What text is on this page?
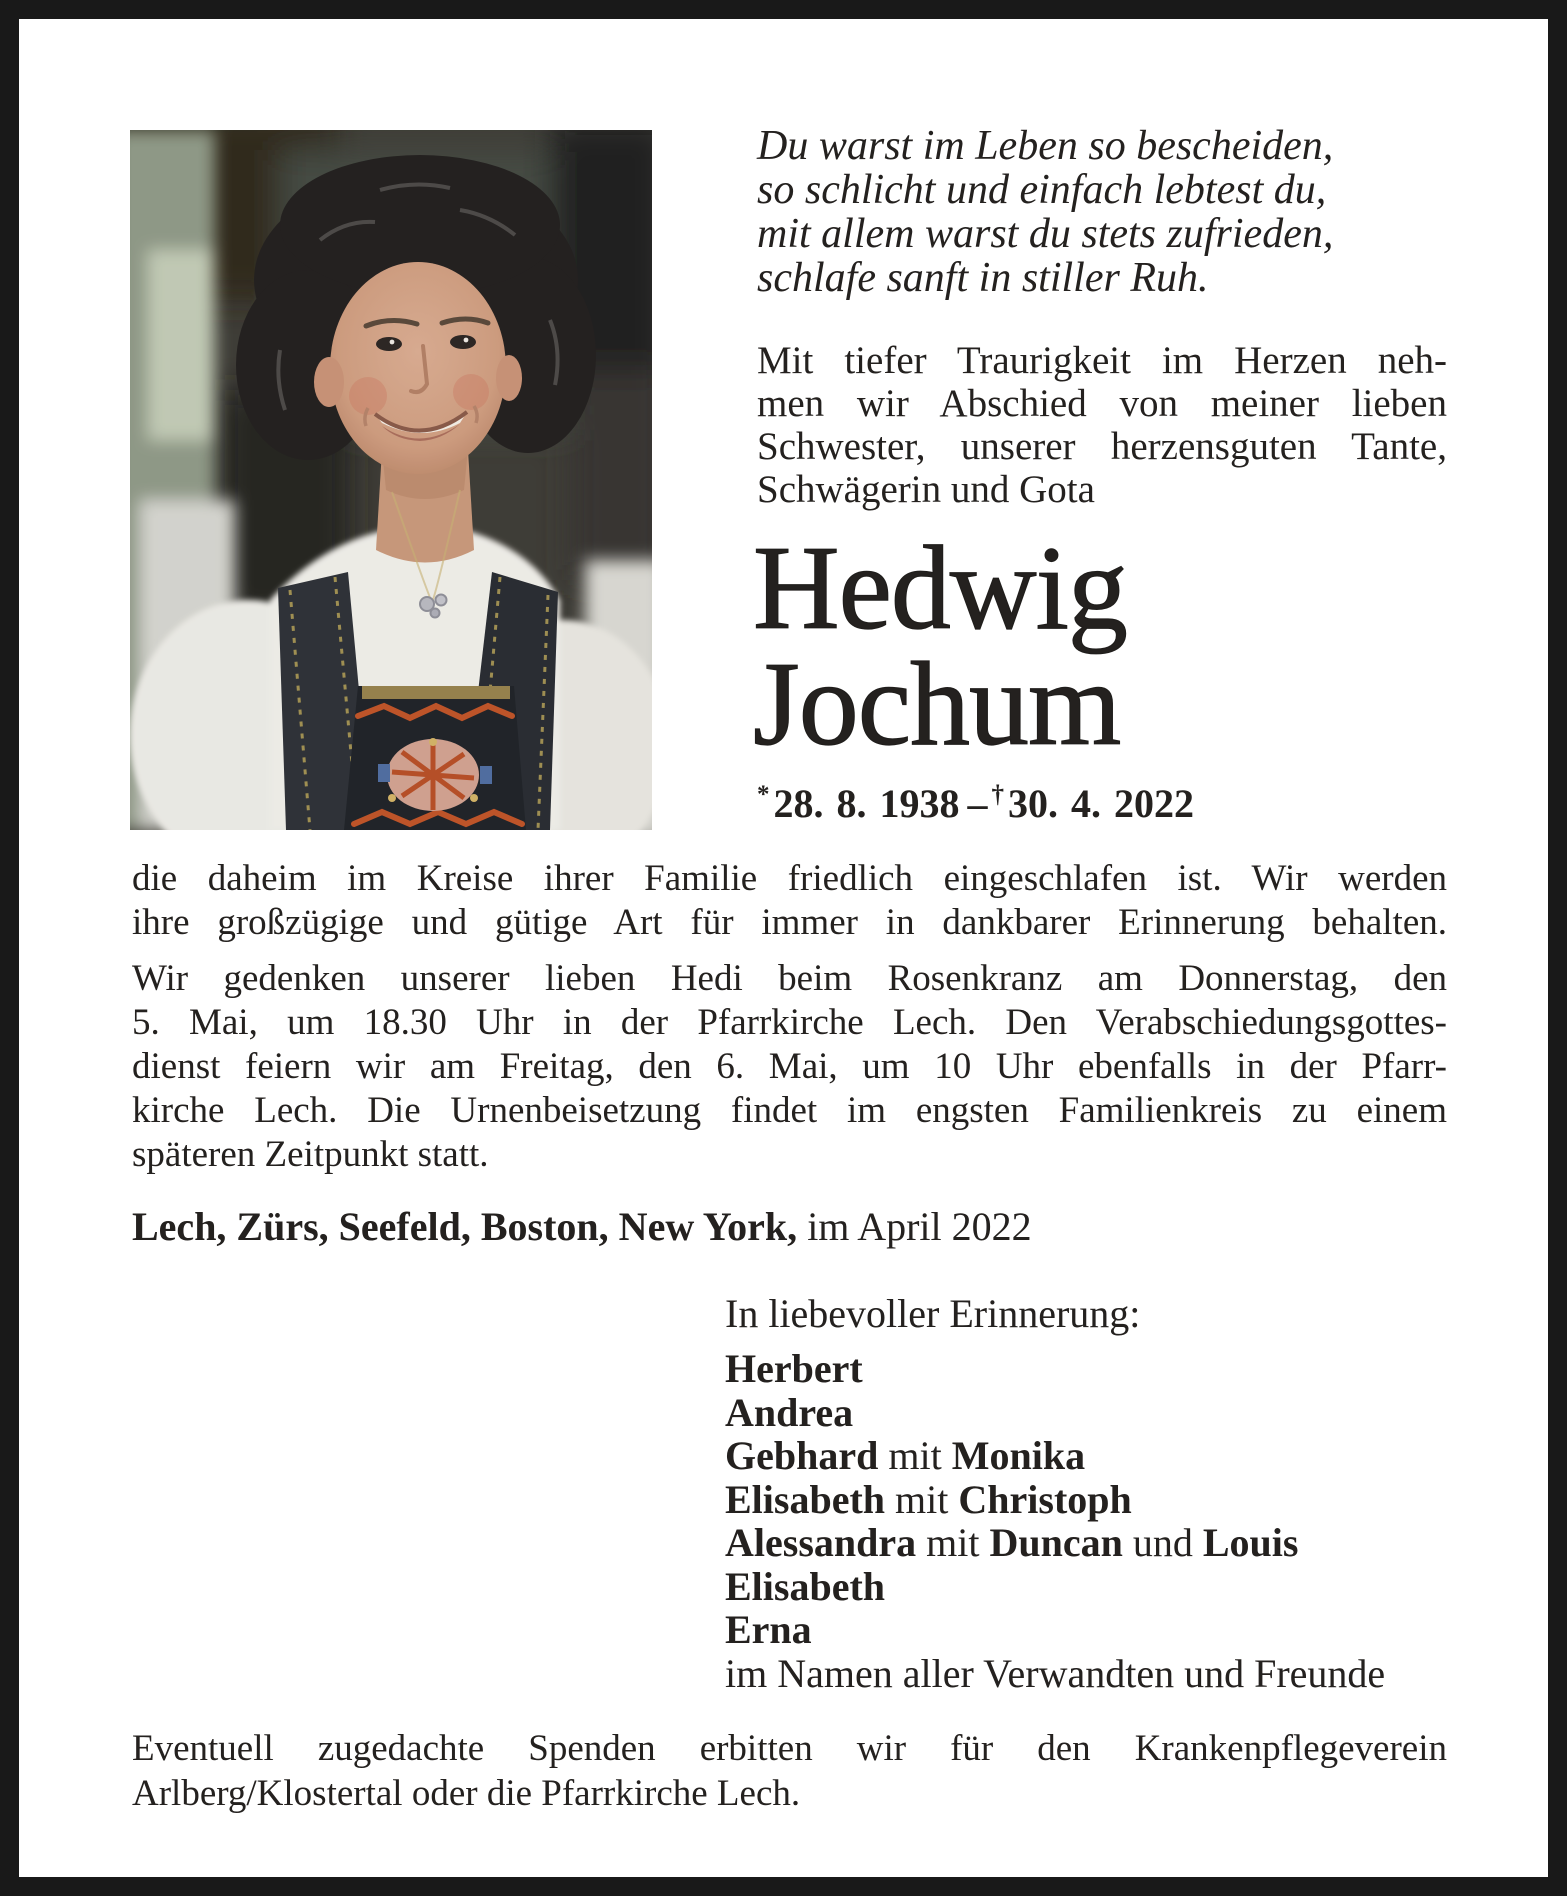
Du warst im Leben so bescheiden,
so schlicht und einfach lebtest du,
mit allem warst du stets zufrieden,
schlafe sanft in stiller Ruh.
Mit tiefer Traurigkeit im Herzen neh-
men wir Abschied von meiner lieben
Schwester, unserer herzensguten Tante,
Schwägerin und Gota
Hedwig
Jochum
* 28. 8. 1938 – † 30. 4. 2022
die daheim im Kreise ihrer Familie friedlich eingeschlafen ist. Wir werden
ihre großzügige und gütige Art für immer in dankbarer Erinnerung behalten.
Wir gedenken unserer lieben Hedi beim Rosenkranz am Donnerstag, den
5. Mai, um 18.30 Uhr in der Pfarrkirche Lech. Den Verabschiedungsgottes-
dienst feiern wir am Freitag, den 6. Mai, um 10 Uhr ebenfalls in der Pfarr-
kirche Lech. Die Urnenbeisetzung findet im engsten Familienkreis zu einem
späteren Zeitpunkt statt.
Lech, Zürs, Seefeld, Boston, New York, im April 2022
In liebevoller Erinnerung:
Herbert
Andrea
Gebhard mit Monika
Elisabeth mit Christoph
Alessandra mit Duncan und Louis
Elisabeth
Erna
im Namen aller Verwandten und Freunde
Eventuell zugedachte Spenden erbitten wir für den Krankenpflegeverein
Arlberg/Klostertal oder die Pfarrkirche Lech.
